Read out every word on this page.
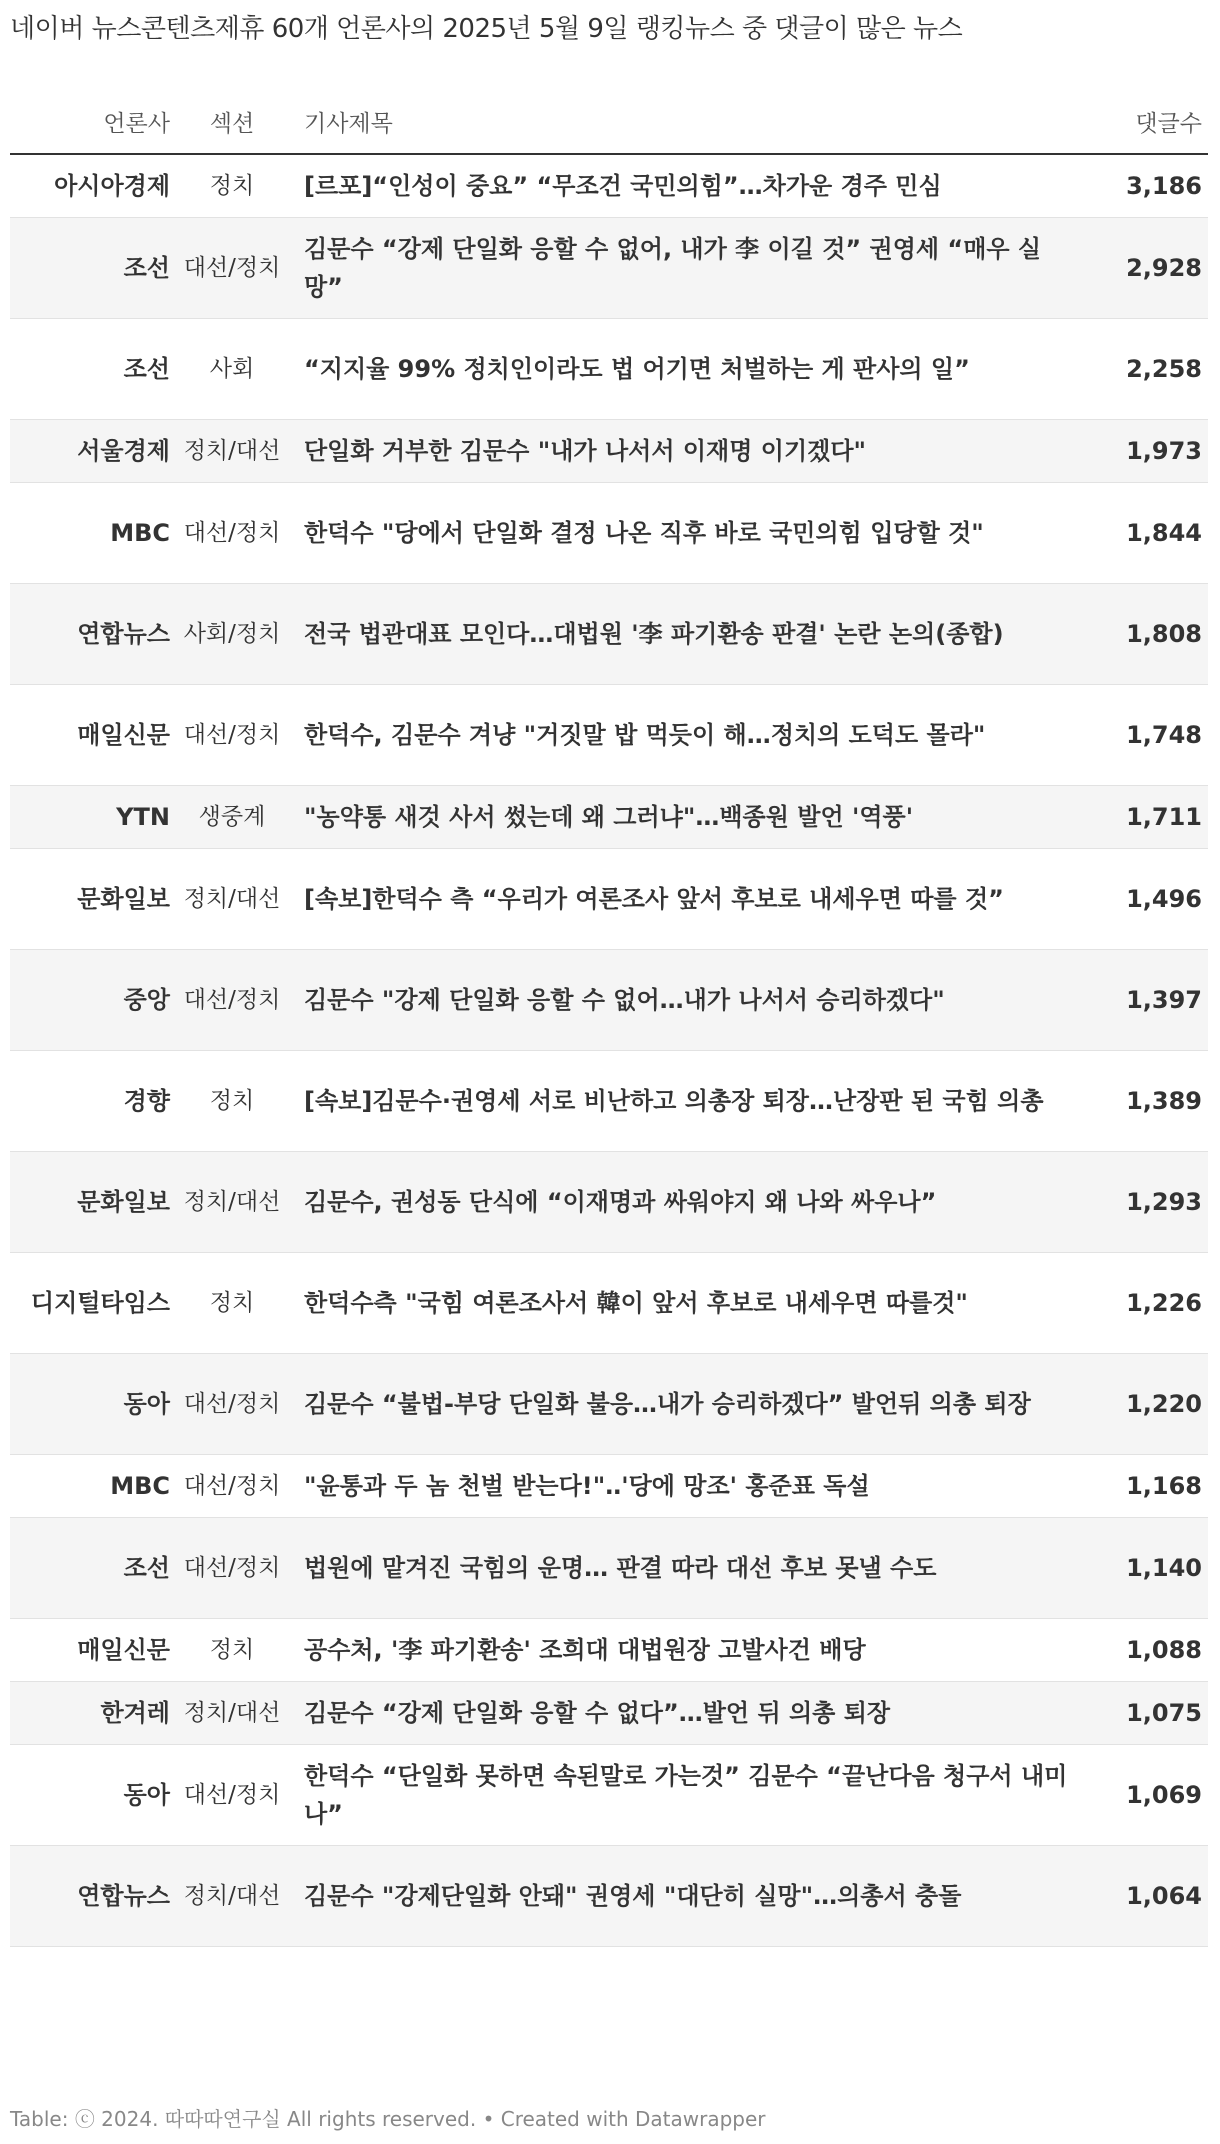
네이버 뉴스콘텐츠제휴 60개 언론사의 2025년 5월 9일 랭킹뉴스 중 댓글이 많은 뉴스
언론사	섹션	기사제목	댓글수
아시아경제	정치	[르포]“인성이 중요” “무조건 국민의힘”…차가운 경주 민심	3,186
조선	대선/정치	김문수 “강제 단일화 응할 수 없어, 내가 李 이길 것” 권영세 “매우 실망”	2,928
조선	사회	“지지율 99% 정치인이라도 법 어기면 처벌하는 게 판사의 일”	2,258
서울경제	정치/대선	단일화 거부한 김문수 "내가 나서서 이재명 이기겠다"	1,973
MBC	대선/정치	한덕수 "당에서 단일화 결정 나온 직후 바로 국민의힘 입당할 것"	1,844
연합뉴스	사회/정치	전국 법관대표 모인다…대법원 '李 파기환송 판결' 논란 논의(종합)	1,808
매일신문	대선/정치	한덕수, 김문수 겨냥 "거짓말 밥 먹듯이 해…정치의 도덕도 몰라"	1,748
YTN	생중계	"농약통 새것 사서 썼는데 왜 그러냐"…백종원 발언 '역풍'	1,711
문화일보	정치/대선	[속보]한덕수 측 “우리가 여론조사 앞서 후보로 내세우면 따를 것”	1,496
중앙	대선/정치	김문수 "강제 단일화 응할 수 없어…내가 나서서 승리하겠다"	1,397
경향	정치	[속보]김문수·권영세 서로 비난하고 의총장 퇴장…난장판 된 국힘 의총	1,389
문화일보	정치/대선	김문수, 권성동 단식에 “이재명과 싸워야지 왜 나와 싸우나”	1,293
디지털타임스	정치	한덕수측 "국힘 여론조사서 韓이 앞서 후보로 내세우면 따를것"	1,226
동아	대선/정치	김문수 “불법-부당 단일화 불응…내가 승리하겠다” 발언뒤 의총 퇴장	1,220
MBC	대선/정치	"윤통과 두 놈 천벌 받는다!"‥'당에 망조' 홍준표 독설	1,168
조선	대선/정치	법원에 맡겨진 국힘의 운명… 판결 따라 대선 후보 못낼 수도	1,140
매일신문	정치	공수처, '李 파기환송' 조희대 대법원장 고발사건 배당	1,088
한겨레	정치/대선	김문수 “강제 단일화 응할 수 없다”…발언 뒤 의총 퇴장	1,075
동아	대선/정치	한덕수 “단일화 못하면 속된말로 가는것” 김문수 “끝난다음 청구서 내미나”	1,069
연합뉴스	정치/대선	김문수 "강제단일화 안돼" 권영세 "대단히 실망"…의총서 충돌	1,064
Table: ⓒ 2024. 따따따연구실 All rights reserved. • Created with Datawrapper
